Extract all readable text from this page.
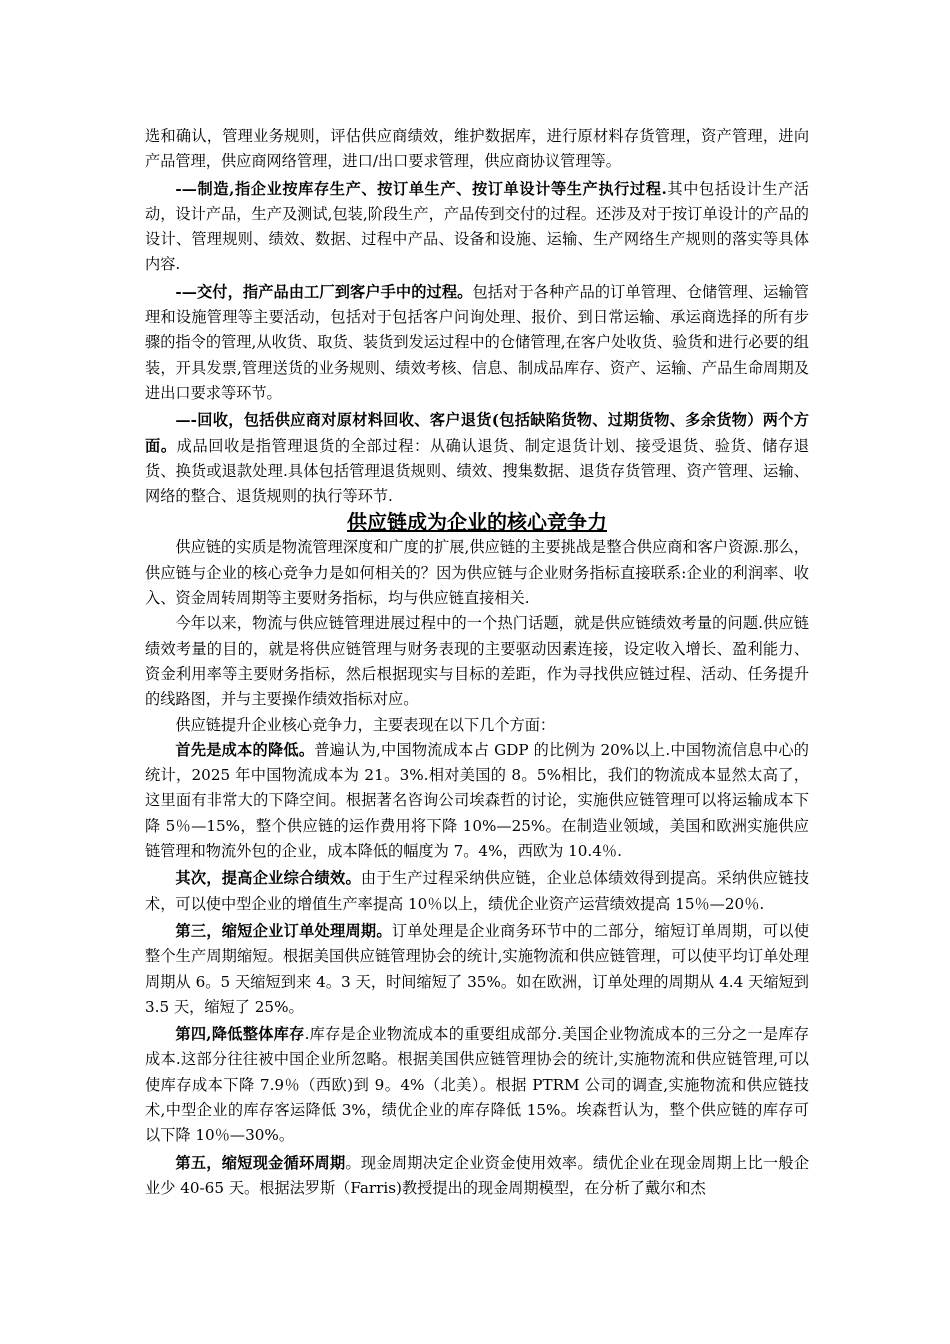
选和确认，管理业务规则，评估供应商绩效，维护数据库，进行原材料存货管理，资产管理，进向产品管理，供应商网络管理，进口/出口要求管理，供应商协议管理等。

-—制造,指企业按库存生产、按订单生产、按订单设计等生产执行过程.其中包括设计生产活动，设计产品，生产及测试,包装,阶段生产，产品传到交付的过程。还涉及对于按订单设计的产品的设计、管理规则、绩效、数据、过程中产品、设备和设施、运输、生产网络生产规则的落实等具体内容.

-—交付，指产品由工厂到客户手中的过程。包括对于各种产品的订单管理、仓储管理、运输管理和设施管理等主要活动，包括对于包括客户问询处理、报价、到日常运输、承运商选择的所有步骤的指令的管理,从收货、取货、装货到发运过程中的仓储管理,在客户处收货、验货和进行必要的组装，开具发票,管理送货的业务规则、绩效考核、信息、制成品库存、资产、运输、产品生命周期及进出口要求等环节。

—-回收，包括供应商对原材料回收、客户退货(包括缺陷货物、过期货物、多余货物）两个方面。成品回收是指管理退货的全部过程：从确认退货、制定退货计划、接受退货、验货、储存退货、换货或退款处理.具体包括管理退货规则、绩效、搜集数据、退货存货管理、资产管理、运输、网络的整合、退货规则的执行等环节.

供应链成为企业的核心竞争力

供应链的实质是物流管理深度和广度的扩展,供应链的主要挑战是整合供应商和客户资源.那么，供应链与企业的核心竞争力是如何相关的？因为供应链与企业财务指标直接联系:企业的利润率、收入、资金周转周期等主要财务指标，均与供应链直接相关.

今年以来，物流与供应链管理进展过程中的一个热门话题，就是供应链绩效考量的问题.供应链绩效考量的目的，就是将供应链管理与财务表现的主要驱动因素连接，设定收入增长、盈利能力、资金利用率等主要财务指标，然后根据现实与目标的差距，作为寻找供应链过程、活动、任务提升的线路图，并与主要操作绩效指标对应。

供应链提升企业核心竞争力，主要表现在以下几个方面：

首先是成本的降低。普遍认为,中国物流成本占 GDP 的比例为 20%以上.中国物流信息中心的统计，2025 年中国物流成本为 21。3%.相对美国的 8。5%相比，我们的物流成本显然太高了，这里面有非常大的下降空间。根据著名咨询公司埃森哲的讨论，实施供应链管理可以将运输成本下降 5％—15%，整个供应链的运作费用将下降 10%—25%。在制造业领域，美国和欧洲实施供应链管理和物流外包的企业，成本降低的幅度为 7。4%，西欧为 10.4％.

其次，提高企业综合绩效。由于生产过程采纳供应链，企业总体绩效得到提高。采纳供应链技术，可以使中型企业的增值生产率提高 10％以上，绩优企业资产运营绩效提高 15％—20％.

第三，缩短企业订单处理周期。订单处理是企业商务环节中的二部分，缩短订单周期，可以使整个生产周期缩短。根据美国供应链管理协会的统计,实施物流和供应链管理，可以使平均订单处理周期从 6。5 天缩短到来 4。3 天，时间缩短了 35%。如在欧洲，订单处理的周期从 4.4 天缩短到 3.5 天，缩短了 25%。

第四,降低整体库存.库存是企业物流成本的重要组成部分.美国企业物流成本的三分之一是库存成本.这部分往往被中国企业所忽略。根据美国供应链管理协会的统计,实施物流和供应链管理,可以使库存成本下降 7.9％（西欧)到 9。4%（北美）。根据 PTRM 公司的调查,实施物流和供应链技术,中型企业的库存客运降低 3%，绩优企业的库存降低 15%。埃森哲认为，整个供应链的库存可以下降 10％—30%。

第五，缩短现金循环周期。现金周期决定企业资金使用效率。绩优企业在现金周期上比一般企业少 40-65 天。根据法罗斯（Farris)教授提出的现金周期模型，在分析了戴尔和杰
